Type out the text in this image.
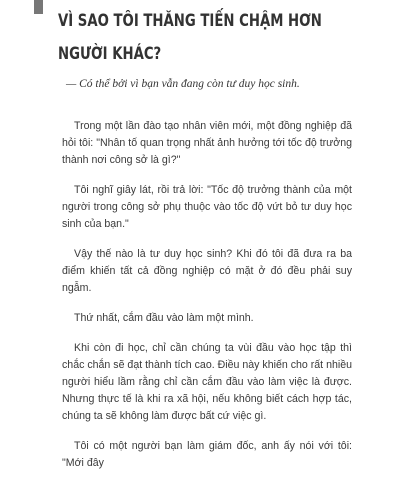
VÌ SAO TÔI THĂNG TIẾN CHẬM HƠN
NGƯỜI KHÁC?

— Có thể bởi vì bạn vẫn đang còn tư duy học sinh.

Trong một lần đào tạo nhân viên mới, một đồng nghiệp đã hỏi tôi: "Nhân tố quan trọng nhất ảnh hưởng tới tốc độ trưởng thành nơi công sở là gì?"

Tôi nghĩ giây lát, rồi trả lời: "Tốc độ trưởng thành của một người trong công sở phụ thuộc vào tốc độ vứt bỏ tư duy học sinh của bạn."

Vậy thế nào là tư duy học sinh? Khi đó tôi đã đưa ra ba điểm khiến tất cả đồng nghiệp có mặt ở đó đều phải suy ngẫm.

Thứ nhất, cắm đầu vào làm một mình.

Khi còn đi học, chỉ cần chúng ta vùi đầu vào học tập thì chắc chắn sẽ đạt thành tích cao. Điều này khiến cho rất nhiều người hiểu lầm rằng chỉ cần cắm đầu vào làm việc là được. Nhưng thực tế là khi ra xã hội, nếu không biết cách hợp tác, chúng ta sẽ không làm được bất cứ việc gì.

Tôi có một người bạn làm giám đốc, anh ấy nói với tôi: "Mới đây
